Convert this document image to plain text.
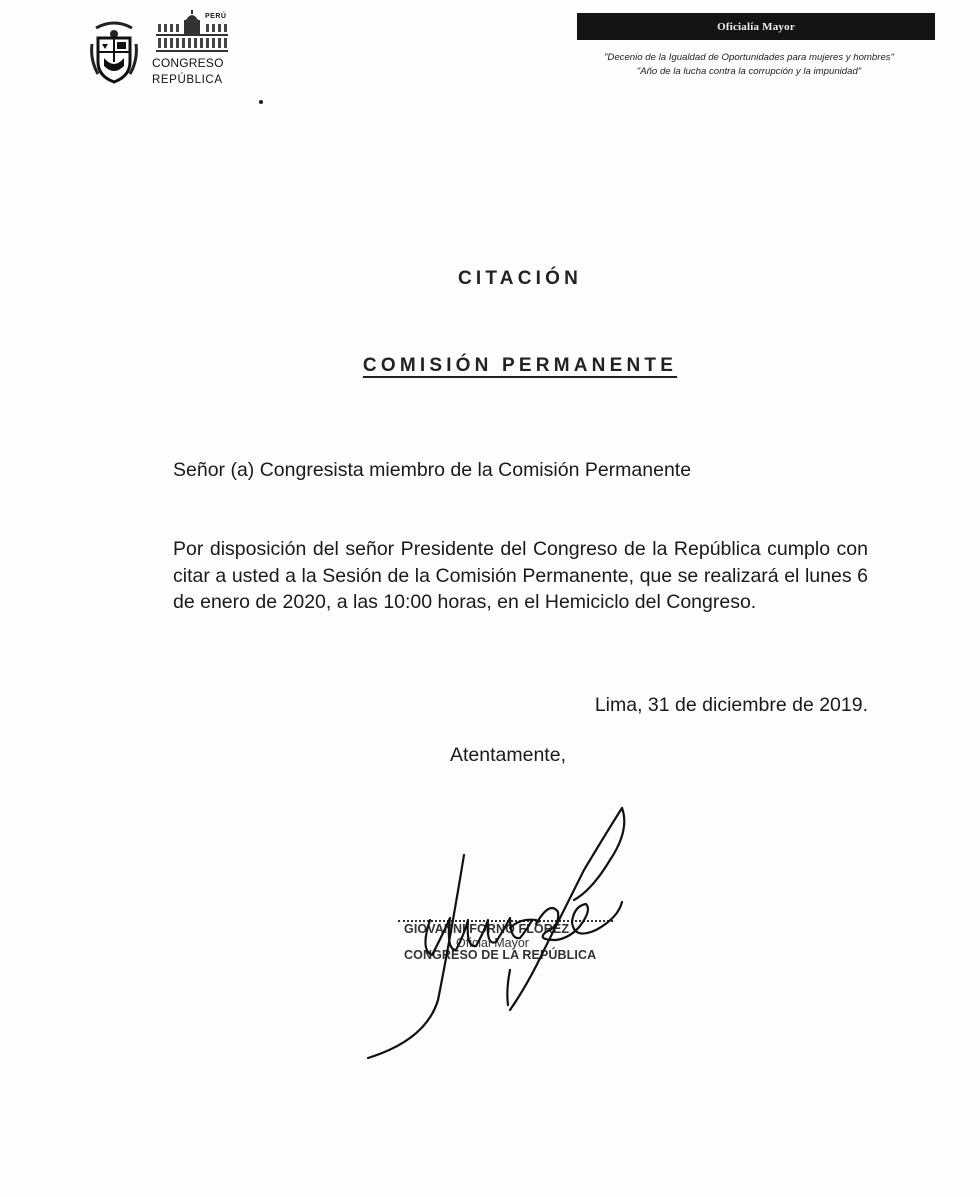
PERÚ
CONGRESO
REPÚBLICA
Oficialía Mayor
"Decenio de la Igualdad de Oportunidades para mujeres y hombres"
"Año de la lucha contra la corrupción y la impunidad"
CITACIÓN
COMISIÓN PERMANENTE
Señor (a) Congresista miembro de la Comisión Permanente
Por disposición del señor Presidente del Congreso de la República cumplo con citar a usted a la Sesión de la Comisión Permanente, que se realizará el lunes 6 de enero de 2020, a las 10:00 horas, en el Hemiciclo del Congreso.
Lima, 31 de diciembre de 2019.
Atentamente,
GIOVANNI FORNO FLÓREZ
Oficial Mayor
CONGRESO DE LA REPÚBLICA
